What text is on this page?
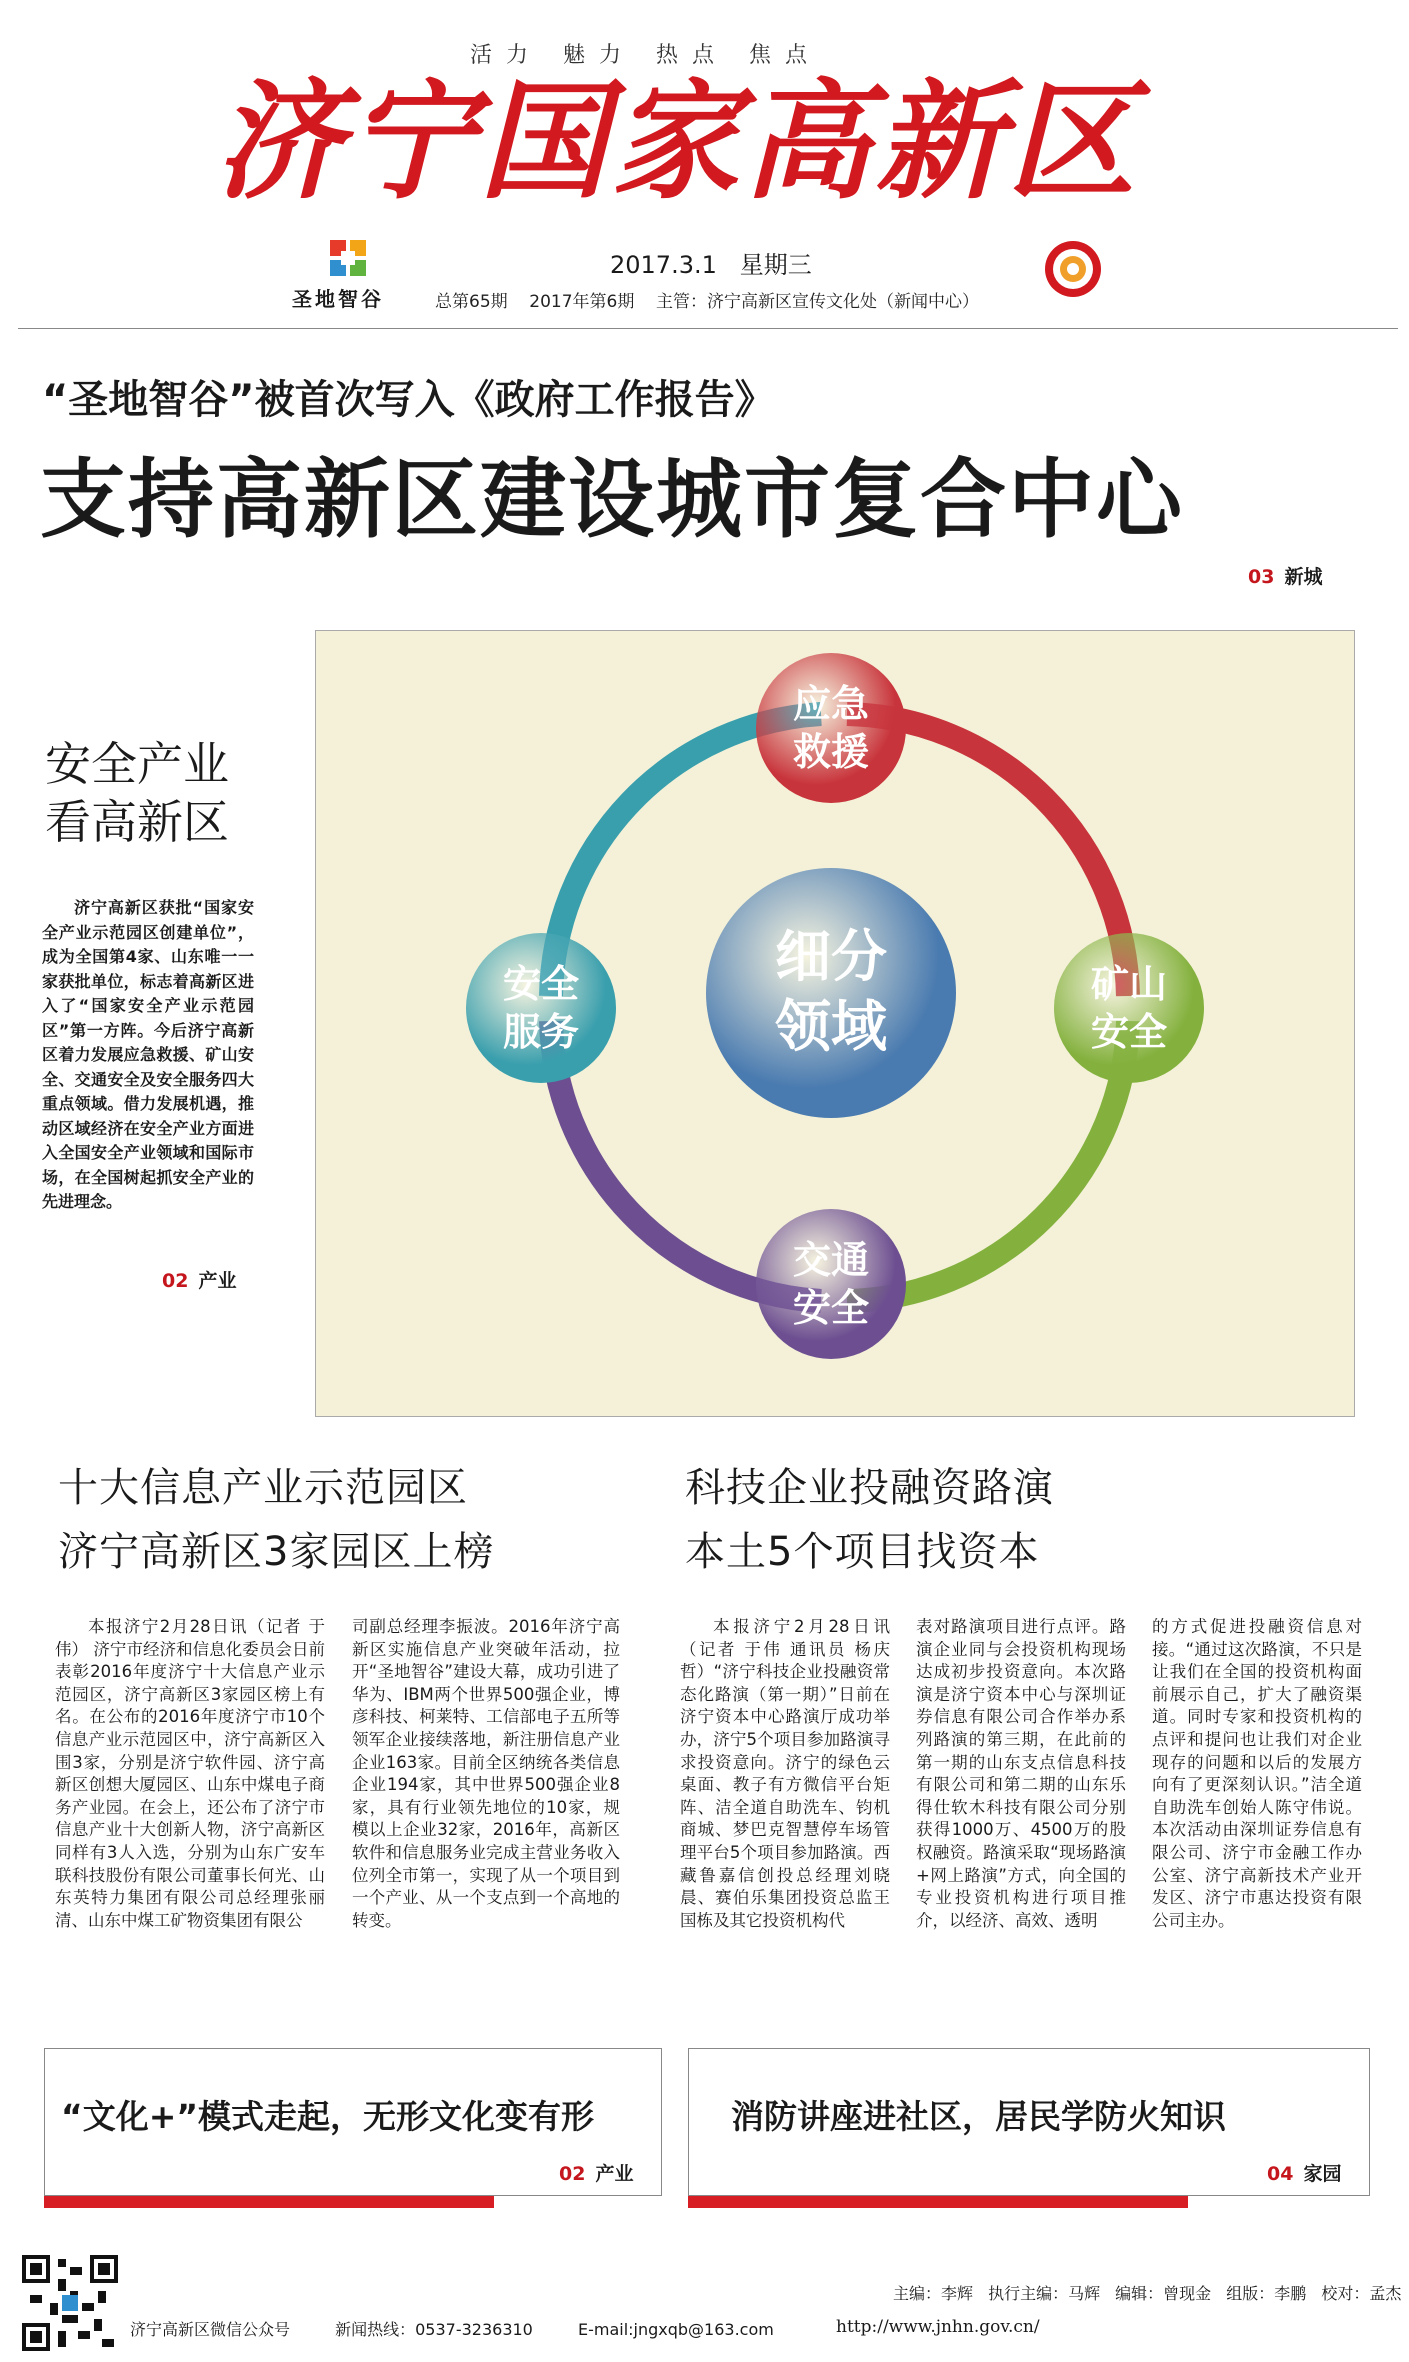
活力 魅力 热点 焦点
济宁国家高新区
圣地智谷
2017.3.1 星期三
总第65期 2017年第6期 主管：济宁高新区宣传文化处（新闻中心）
“圣地智谷”被首次写入《政府工作报告》
支持高新区建设城市复合中心
03 新城
安全产业
看高新区
济宁高新区获批“国家安全产业示范园区创建单位”，成为全国第4家、山东唯一一家获批单位，标志着高新区进入了“国家安全产业示范园区”第一方阵。今后济宁高新区着力发展应急救援、矿山安全、交通安全及安全服务四大重点领域。借力发展机遇，推动区域经济在安全产业方面进入全国安全产业领域和国际市场，在全国树起抓安全产业的先进理念。
02 产业
应急
救援
矿山
安全
交通
安全
安全
服务
细分
领域
十大信息产业示范园区
济宁高新区3家园区上榜
本报济宁2月28日讯（记者 于伟） 济宁市经济和信息化委员会日前表彰2016年度济宁十大信息产业示范园区，济宁高新区3家园区榜上有名。在公布的2016年度济宁市10个信息产业示范园区中，济宁高新区入围3家，分别是济宁软件园、济宁高新区创想大厦园区、山东中煤电子商务产业园。在会上，还公布了济宁市信息产业十大创新人物，济宁高新区同样有3人入选，分别为山东广安车联科技股份有限公司董事长何光、山东英特力集团有限公司总经理张丽清、山东中煤工矿物资集团有限公
司副总经理李振波。2016年济宁高新区实施信息产业突破年活动，拉开“圣地智谷”建设大幕，成功引进了华为、IBM两个世界500强企业，博彦科技、柯莱特、工信部电子五所等领军企业接续落地，新注册信息产业企业163家。目前全区纳统各类信息企业194家，其中世界500强企业8家，具有行业领先地位的10家，规模以上企业32家，2016年，高新区软件和信息服务业完成主营业务收入位列全市第一，实现了从一个项目到一个产业、从一个支点到一个高地的转变。
科技企业投融资路演
本土5个项目找资本
本报济宁2月28日讯（记者 于伟 通讯员 杨庆哲）“济宁科技企业投融资常态化路演（第一期）”日前在济宁资本中心路演厅成功举办，济宁5个项目参加路演寻求投资意向。济宁的绿色云桌面、教子有方微信平台矩阵、洁全道自助洗车、钧机商城、梦巴克智慧停车场管理平台5个项目参加路演。西藏鲁嘉信创投总经理刘晓晨、赛伯乐集团投资总监王国栋及其它投资机构代
表对路演项目进行点评。路演企业同与会投资机构现场达成初步投资意向。本次路演是济宁资本中心与深圳证券信息有限公司合作举办系列路演的第三期，在此前的第一期的山东支点信息科技有限公司和第二期的山东乐得仕软木科技有限公司分别获得1000万、4500万的股权融资。路演采取“现场路演+网上路演”方式，向全国的专业投资机构进行项目推介，以经济、高效、透明
的方式促进投融资信息对接。“通过这次路演，不只是让我们在全国的投资机构面前展示自己，扩大了融资渠道。同时专家和投资机构的点评和提问也让我们对企业现存的问题和以后的发展方向有了更深刻认识。”洁全道自助洗车创始人陈守伟说。本次活动由深圳证券信息有限公司、济宁市金融工作办公室、济宁高新技术产业开发区、济宁市惠达投资有限公司主办。
“文化+”模式走起，无形文化变有形
02 产业
消防讲座进社区，居民学防火知识
04 家园
主编：李辉 执行主编：马辉 编辑：曾现金 组版：李鹏 校对：孟杰
济宁高新区微信公众号	新闻热线：0537-3236310	E-mail:jngxqb@163.com	http://www.jnhn.gov.cn/
